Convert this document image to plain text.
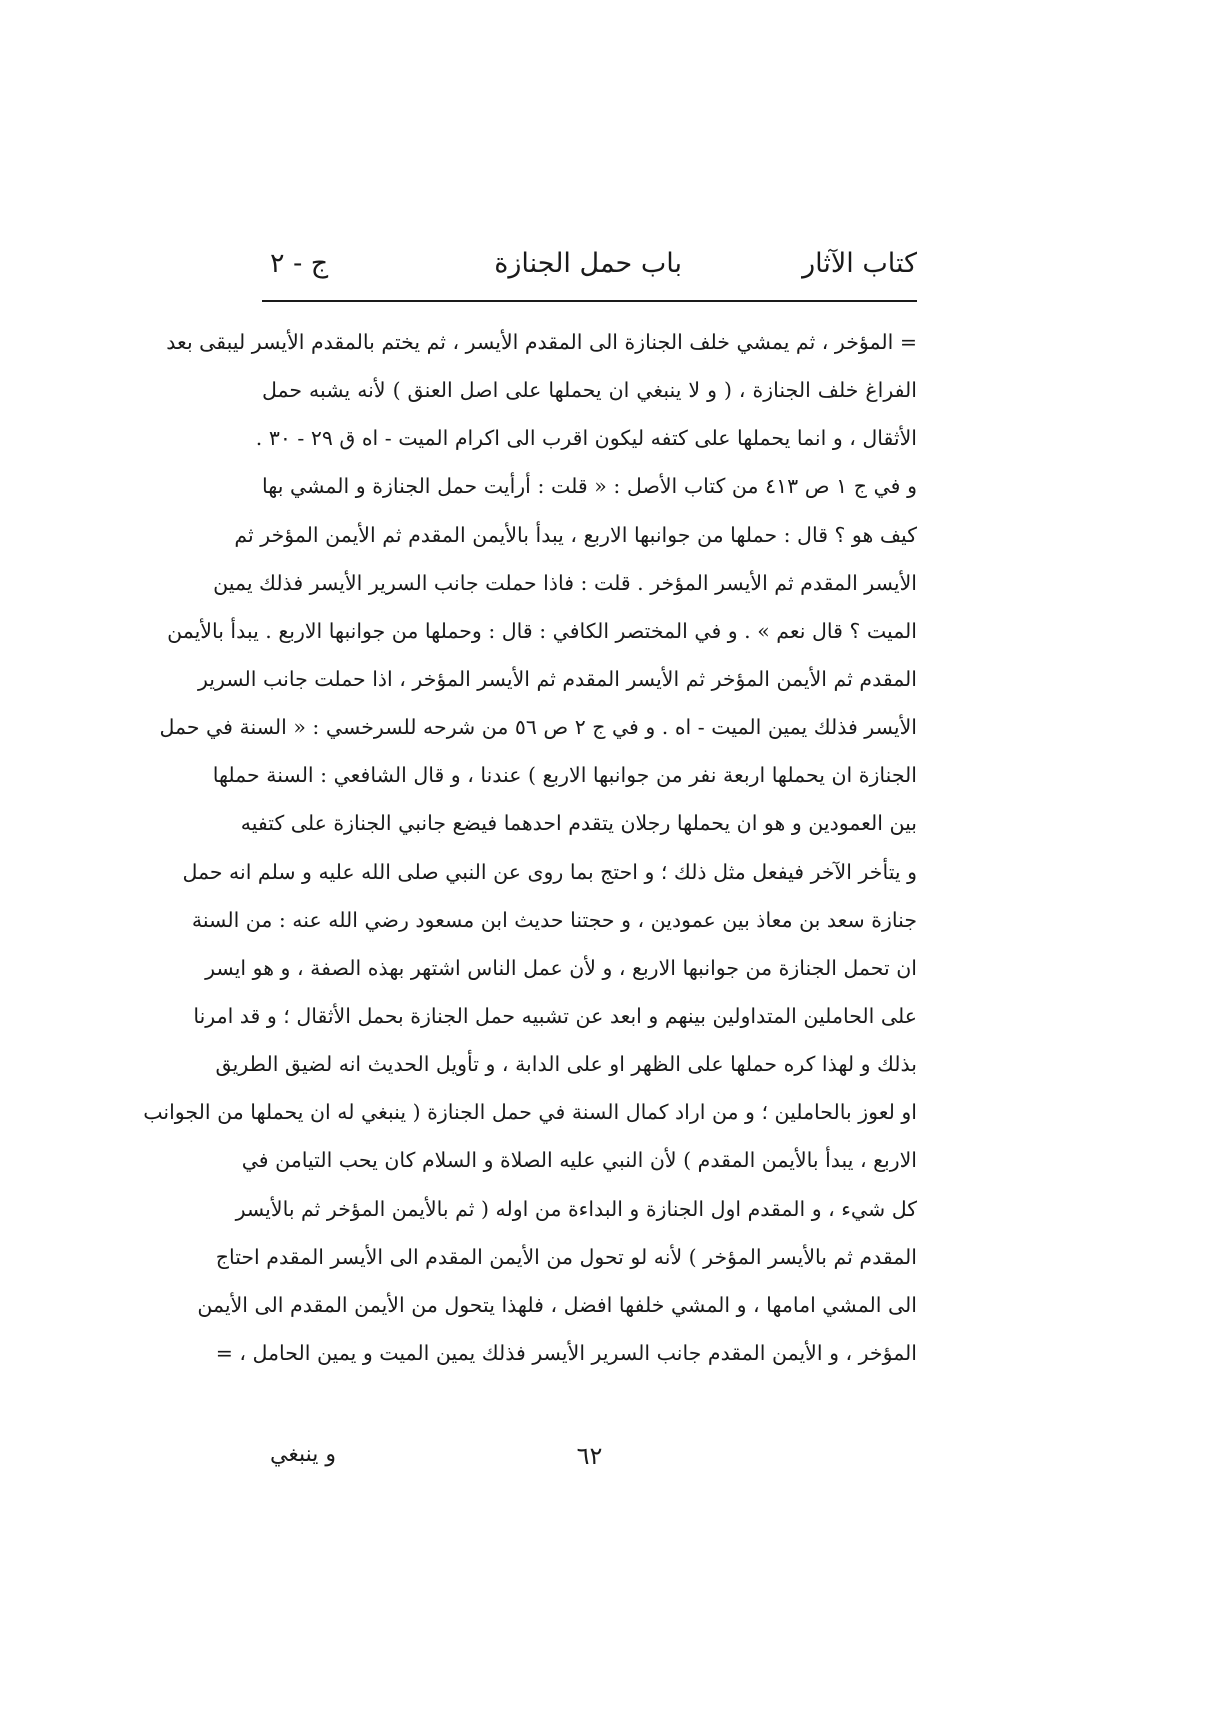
كتاب الآثار
باب حمل الجنازة
ج - ٢
= المؤخر ، ثم يمشي خلف الجنازة الى المقدم الأيسر ، ثم يختم بالمقدم الأيسر ليبقى بعد
الفراغ خلف الجنازة ، ( و لا ينبغي ان يحملها على اصل العنق ) لأنه يشبه حمل
الأثقال ، و انما يحملها على كتفه ليكون اقرب الى اكرام الميت - اه ق ٢٩ - ٣٠ .
و في ج ١ ص ٤١٣ من كتاب الأصل : « قلت : أرأيت حمل الجنازة و المشي بها
كيف هو ؟ قال : حملها من جوانبها الاربع ، يبدأ بالأيمن المقدم ثم الأيمن المؤخر ثم
الأيسر المقدم ثم الأيسر المؤخر . قلت : فاذا حملت جانب السرير الأيسر فذلك يمين
الميت ؟ قال نعم » . و في المختصر الكافي : قال : وحملها من جوانبها الاربع . يبدأ بالأيمن
المقدم ثم الأيمن المؤخر ثم الأيسر المقدم ثم الأيسر المؤخر ، اذا حملت جانب السرير
الأيسر فذلك يمين الميت - اه . و في ج ٢ ص ٥٦ من شرحه للسرخسي : « السنة في حمل
الجنازة ان يحملها اربعة نفر من جوانبها الاربع ) عندنا ، و قال الشافعي : السنة حملها
بين العمودين و هو ان يحملها رجلان يتقدم احدهما فيضع جانبي الجنازة على كتفيه
و يتأخر الآخر فيفعل مثل ذلك ؛ و احتج بما روى عن النبي صلى الله عليه و سلم انه حمل
جنازة سعد بن معاذ بين عمودين ، و حجتنا حديث ابن مسعود رضي الله عنه : من السنة
ان تحمل الجنازة من جوانبها الاربع ، و لأن عمل الناس اشتهر بهذه الصفة ، و هو ايسر
على الحاملين المتداولين بينهم و ابعد عن تشبيه حمل الجنازة بحمل الأثقال ؛ و قد امرنا
بذلك و لهذا كره حملها على الظهر او على الدابة ، و تأويل الحديث انه لضيق الطريق
او لعوز بالحاملين ؛ و من اراد كمال السنة في حمل الجنازة ( ينبغي له ان يحملها من الجوانب
الاربع ، يبدأ بالأيمن المقدم ) لأن النبي عليه الصلاة و السلام كان يحب التيامن في
كل شيء ، و المقدم اول الجنازة و البداءة من اوله ( ثم بالأيمن المؤخر ثم بالأيسر
المقدم ثم بالأيسر المؤخر ) لأنه لو تحول من الأيمن المقدم الى الأيسر المقدم احتاج
الى المشي امامها ، و المشي خلفها افضل ، فلهذا يتحول من الأيمن المقدم الى الأيمن
المؤخر ، و الأيمن المقدم جانب السرير الأيسر فذلك يمين الميت و يمين الحامل ، =
٦٢
و ينبغي
